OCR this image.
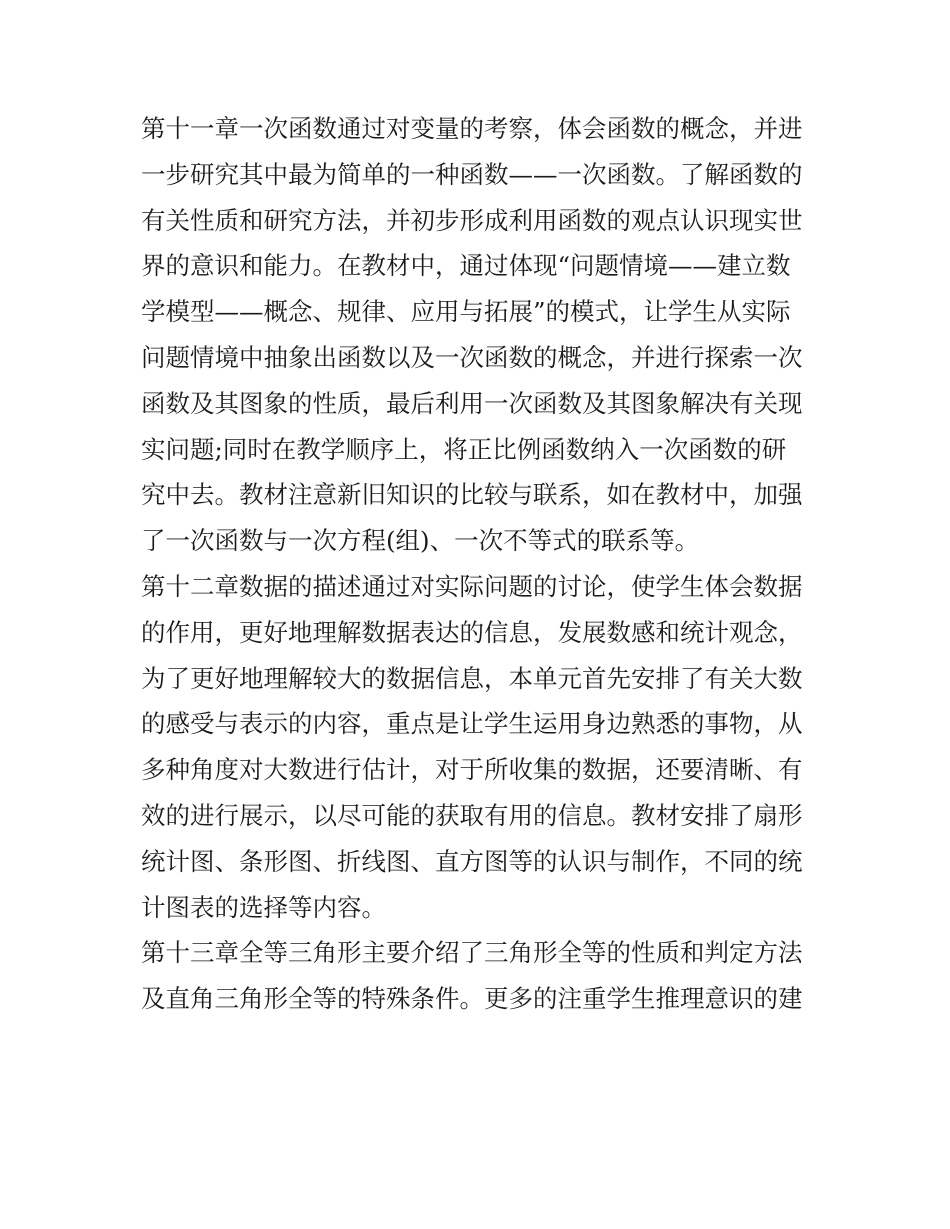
第十一章一次函数通过对变量的考察，体会函数的概念，并进
一步研究其中最为简单的一种函数——一次函数。了解函数的
有关性质和研究方法，并初步形成利用函数的观点认识现实世
界的意识和能力。在教材中，通过体现“问题情境——建立数
学模型——概念、规律、应用与拓展”的模式，让学生从实际
问题情境中抽象出函数以及一次函数的概念，并进行探索一次
函数及其图象的性质，最后利用一次函数及其图象解决有关现
实问题;同时在教学顺序上，将正比例函数纳入一次函数的研
究中去。教材注意新旧知识的比较与联系，如在教材中，加强
了一次函数与一次方程(组)、一次不等式的联系等。
第十二章数据的描述通过对实际问题的讨论，使学生体会数据
的作用，更好地理解数据表达的信息，发展数感和统计观念，
为了更好地理解较大的数据信息，本单元首先安排了有关大数
的感受与表示的内容，重点是让学生运用身边熟悉的事物，从
多种角度对大数进行估计，对于所收集的数据，还要清晰、有
效的进行展示，以尽可能的获取有用的信息。教材安排了扇形
统计图、条形图、折线图、直方图等的认识与制作，不同的统
计图表的选择等内容。
第十三章全等三角形主要介绍了三角形全等的性质和判定方法
及直角三角形全等的特殊条件。更多的注重学生推理意识的建
